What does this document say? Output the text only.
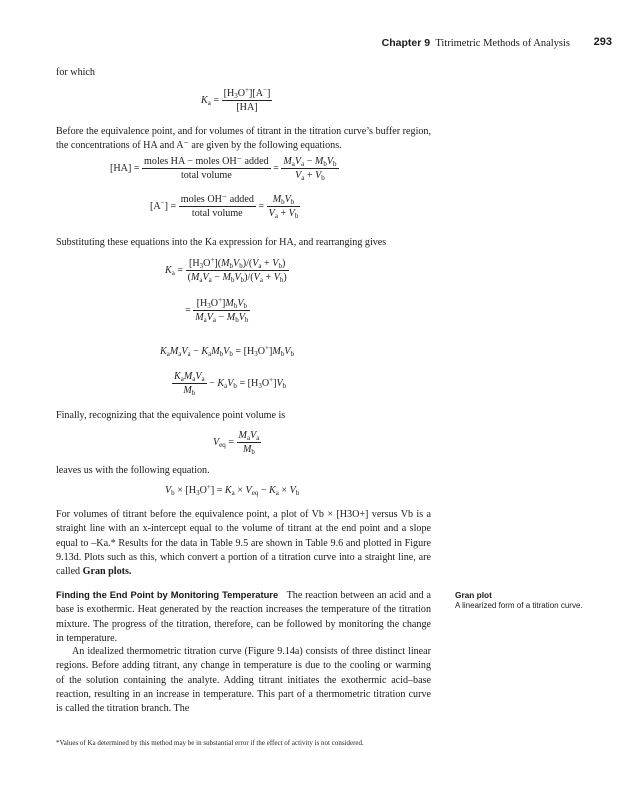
Chapter 9 Titrimetric Methods of Analysis 293
for which
$K_a = \frac{[H_3O^+][A^-]}{[HA]}$
Before the equivalence point, and for volumes of titrant in the titration curve’s buffer region, the concentrations of HA and A⁻ are given by the following equations.
$[HA] = \frac{\text{moles HA − moles OH⁻ added}}{\text{total volume}} = \frac{M_aV_a - M_bV_b}{V_a + V_b}$
$[A^-] = \frac{\text{moles OH⁻ added}}{\text{total volume}} = \frac{M_bV_b}{V_a + V_b}$
Substituting these equations into the Ka expression for HA, and rearranging gives
$K_a = \frac{[H_3O^+](M_bV_b)/(V_a + V_b)}{(M_aV_a - M_bV_b)/(V_a + V_b)}$
= $\frac{[H_3O^+]M_bV_b}{M_aV_a - M_bV_b}$
$K_aM_aV_a - K_aM_bV_b = [H_3O^+]M_bV_b$
$\frac{K_aM_aV_a}{M_b} - K_aV_b = [H_3O^+]V_b$
Finally, recognizing that the equivalence point volume is
$V_{eq} = \frac{M_aV_a}{M_b}$
leaves us with the following equation.
$V_b \times [H_3O^+] = K_a \times V_{eq} - K_a \times V_b$
For volumes of titrant before the equivalence point, a plot of Vb × [H3O+] versus Vb is a straight line with an x-intercept equal to the volume of titrant at the end point and a slope equal to –Ka.* Results for the data in Table 9.5 are shown in Table 9.6 and plotted in Figure 9.13d. Plots such as this, which convert a portion of a titration curve into a straight line, are called Gran plots.
Finding the End Point by Monitoring Temperature The reaction between an acid and a base is exothermic. Heat generated by the reaction increases the temperature of the titration mixture. The progress of the titration, therefore, can be followed by monitoring the change in temperature.
An idealized thermometric titration curve (Figure 9.14a) consists of three distinct linear regions. Before adding titrant, any change in temperature is due to the cooling or warming of the solution containing the analyte. Adding titrant initiates the exothermic acid–base reaction, resulting in an increase in temperature. This part of a thermometric titration curve is called the titration branch. The
Gran plot
A linearized form of a titration curve.
*Values of Ka determined by this method may be in substantial error if the effect of activity is not considered.
